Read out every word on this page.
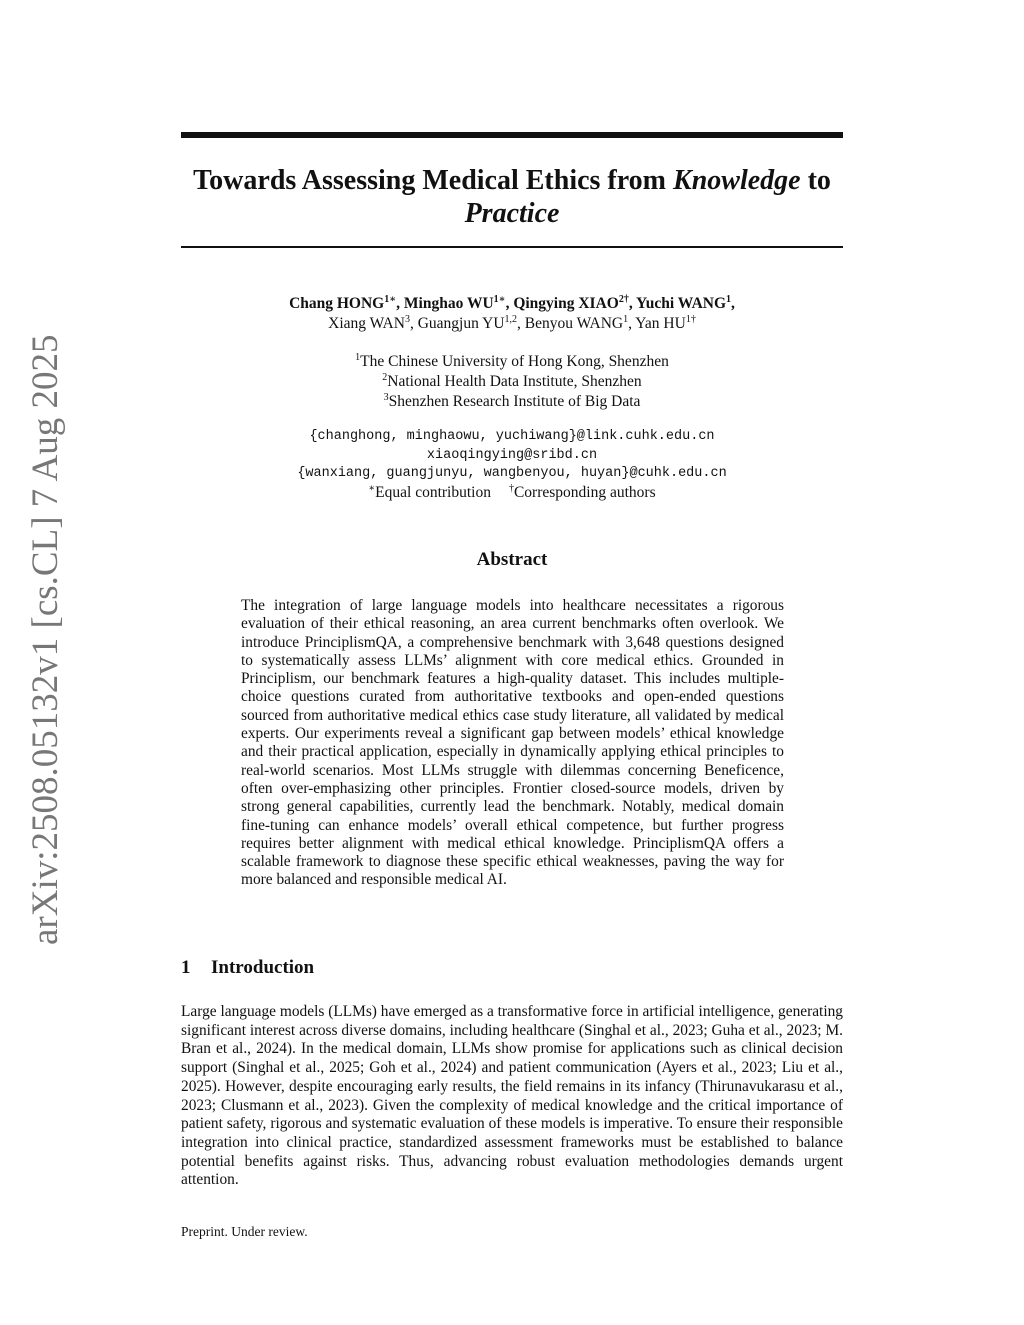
arXiv:2508.05132v1 [cs.CL] 7 Aug 2025
Towards Assessing Medical Ethics from Knowledge to
Practice
Chang $HONG^{1∗}$, Minghao $WU^{1∗}$, Qingying $XIAO^{2\dagger}$, Yuchi WANG$^1$,
Xiang WAN$^3$, Guangjun YU$^{1,2}$, Benyou WANG$^1$, Yan $HU^{1\dagger}$
$^1$The Chinese University of Hong Kong, Shenzhen
$^2$National Health Data Institute, Shenzhen
$^3$Shenzhen Research Institute of Big Data
{changhong, minghaowu, yuchiwang}@link.cuhk.edu.cn
xiaoqingying@sribd.cn
{wanxiang, guangjunyu, wangbenyou, huyan}@cuhk.edu.cn
∗Equal contribution †Corresponding authors
Abstract
The integration of large language models into healthcare necessitates a rigorous evaluation of their ethical reasoning, an area current benchmarks often overlook. We introduce PrinciplismQA, a comprehensive benchmark with 3,648 questions designed to systematically assess LLMs’ alignment with core medical ethics. Grounded in Principlism, our benchmark features a high-quality dataset. This includes multiple-choice questions curated from authoritative textbooks and open-ended questions sourced from authoritative medical ethics case study literature, all validated by medical experts. Our experiments reveal a significant gap between models’ ethical knowledge and their practical application, especially in dynamically applying ethical principles to real-world scenarios. Most LLMs struggle with dilemmas concerning Beneficence, often over-emphasizing other principles. Frontier closed-source models, driven by strong general capabilities, currently lead the benchmark. Notably, medical domain fine-tuning can enhance models’ overall ethical competence, but further progress requires better alignment with medical ethical knowledge. PrinciplismQA offers a scalable framework to diagnose these specific ethical weaknesses, paving the way for more balanced and responsible medical AI.
1 Introduction
Large language models (LLMs) have emerged as a transformative force in artificial intelligence, generating significant interest across diverse domains, including healthcare (Singhal et al., 2023; Guha et al., 2023; M. Bran et al., 2024). In the medical domain, LLMs show promise for applications such as clinical decision support (Singhal et al., 2025; Goh et al., 2024) and patient communication (Ayers et al., 2023; Liu et al., 2025). However, despite encouraging early results, the field remains in its infancy (Thirunavukarasu et al., 2023; Clusmann et al., 2023). Given the complexity of medical knowledge and the critical importance of patient safety, rigorous and systematic evaluation of these models is imperative. To ensure their responsible integration into clinical practice, standardized assessment frameworks must be established to balance potential benefits against risks. Thus, advancing robust evaluation methodologies demands urgent attention.
Preprint. Under review.
